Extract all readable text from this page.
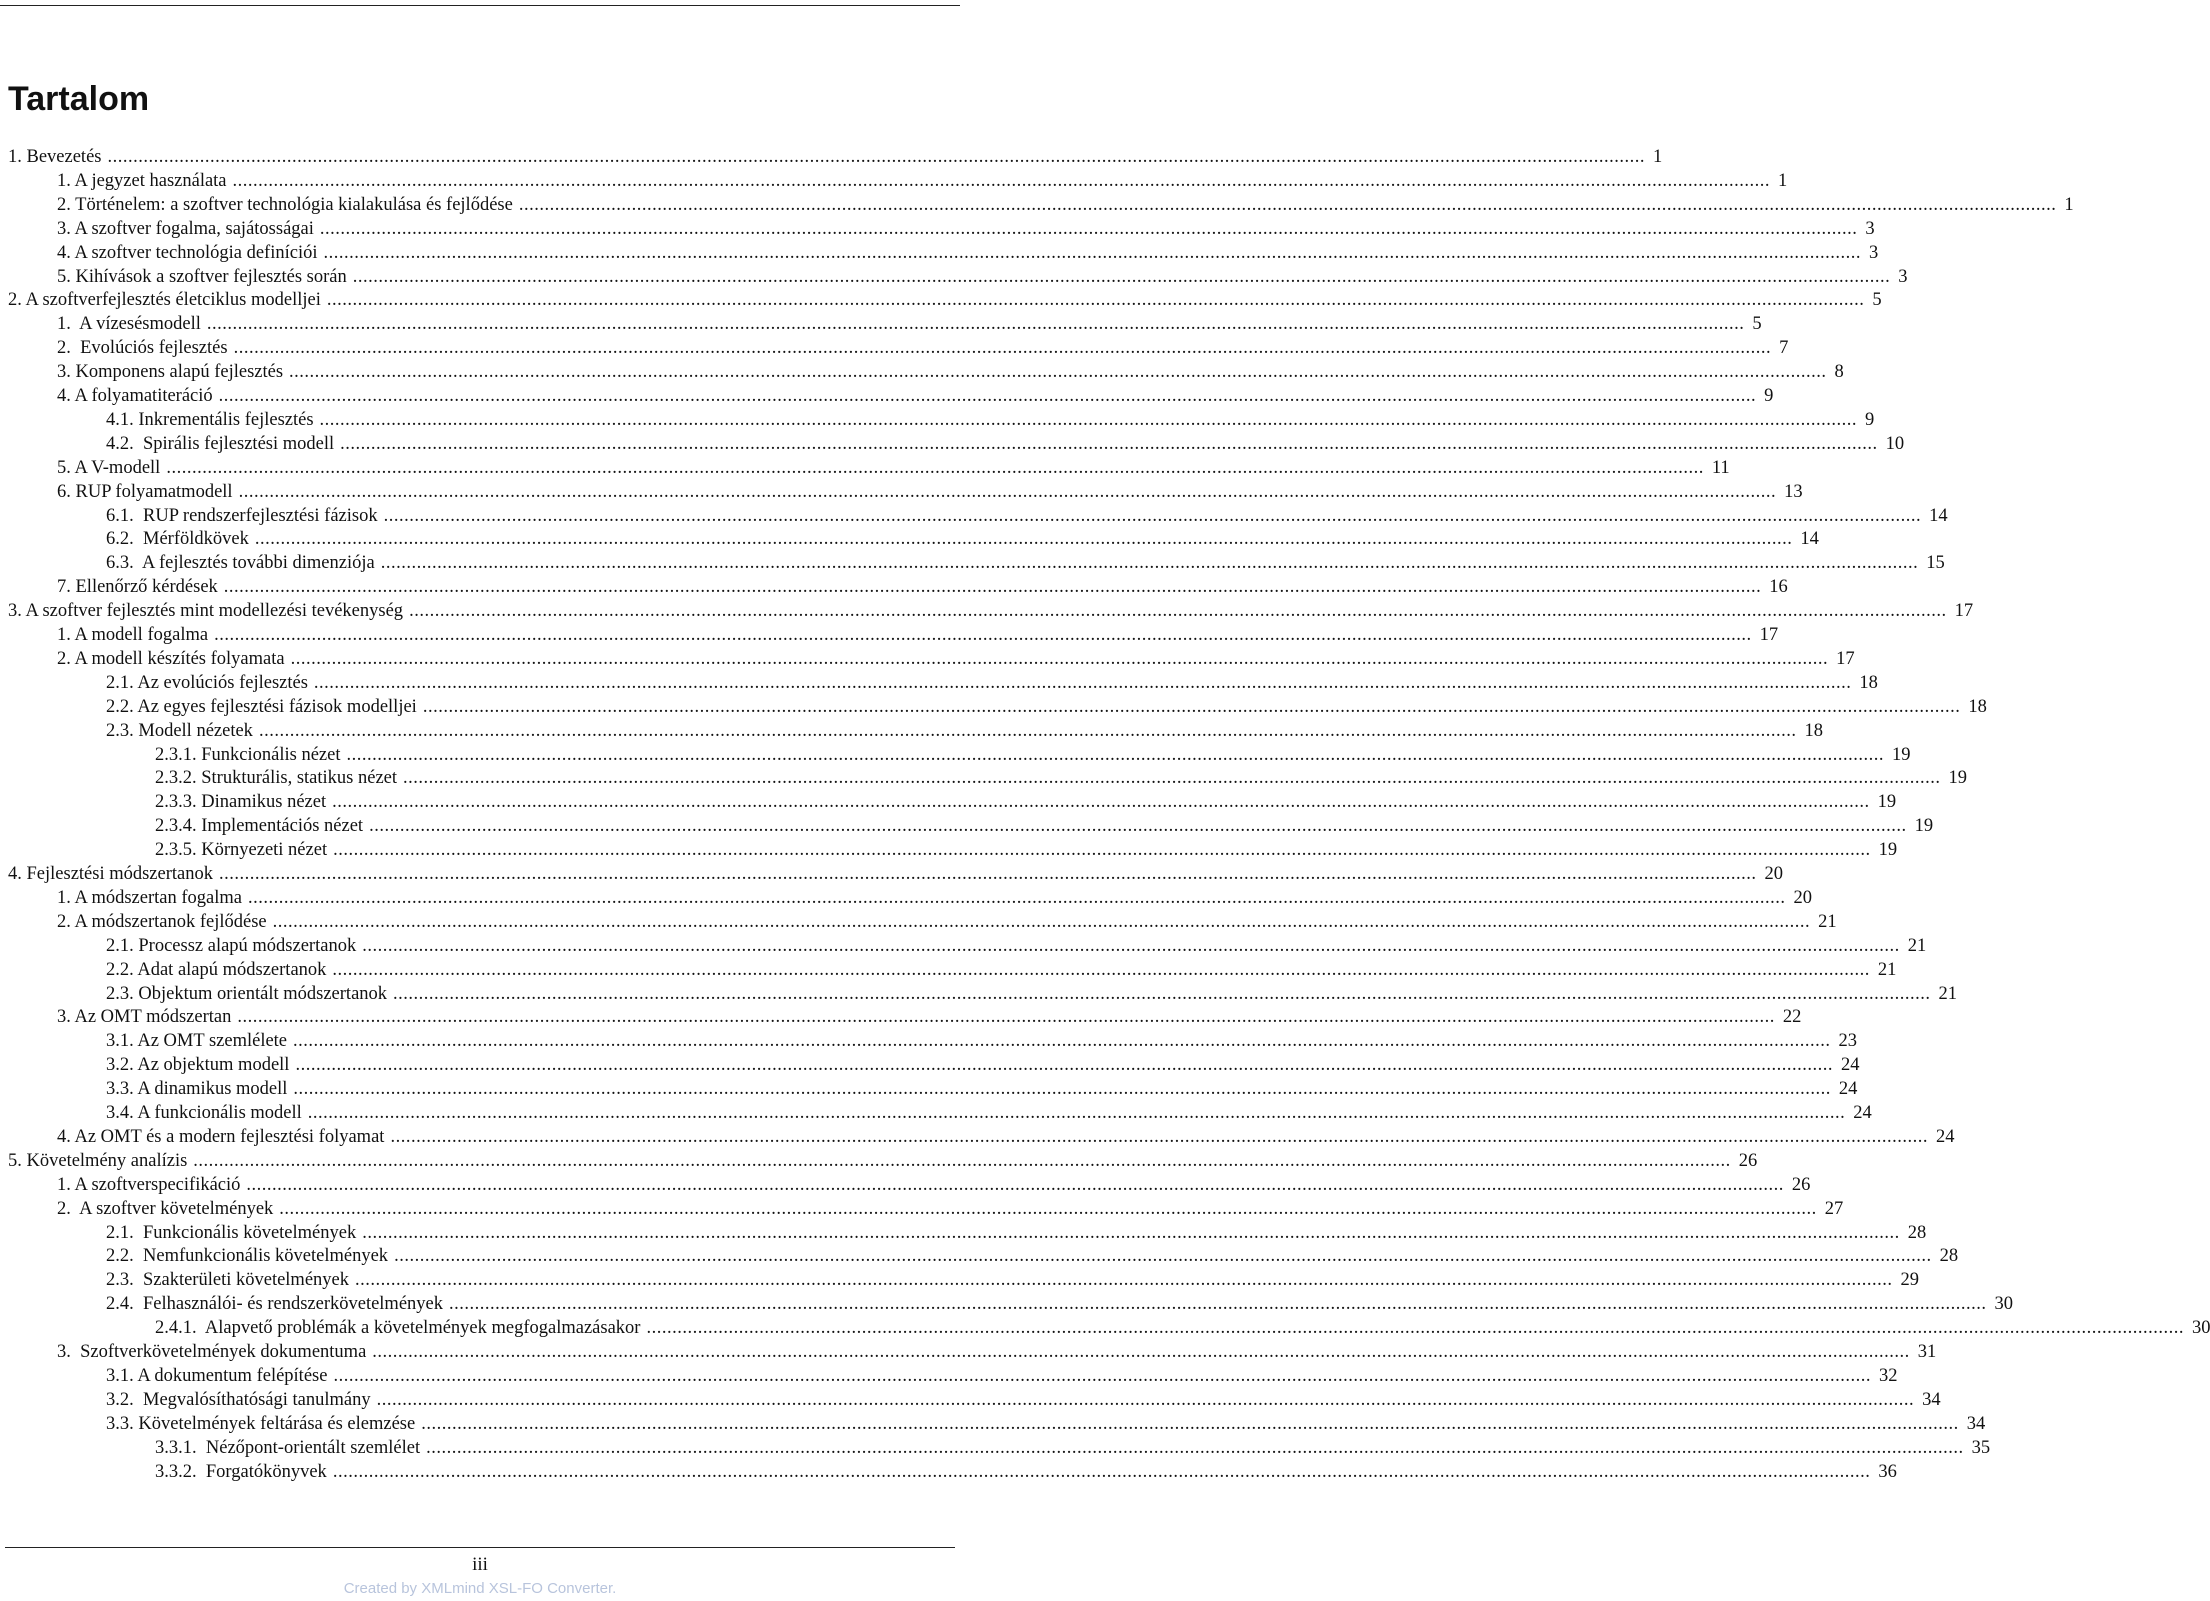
Tartalom
1. Bevezetés ............................................................................................................................................................................................................................................................................................................ 1
1. A jegyzet használata ............................................................................................................................................................................................................................................................................................................ 1
2. Történelem: a szoftver technológia kialakulása és fejlődése ............................................................................................................................................................................................................................................................................................................ 1
3. A szoftver fogalma, sajátosságai ............................................................................................................................................................................................................................................................................................................ 3
4. A szoftver technológia definíciói ............................................................................................................................................................................................................................................................................................................ 3
5. Kihívások a szoftver fejlesztés során ............................................................................................................................................................................................................................................................................................................ 3
2. A szoftverfejlesztés életciklus modelljei ............................................................................................................................................................................................................................................................................................................ 5
1.  A vízesésmodell ............................................................................................................................................................................................................................................................................................................ 5
2.  Evolúciós fejlesztés ............................................................................................................................................................................................................................................................................................................ 7
3. Komponens alapú fejlesztés ............................................................................................................................................................................................................................................................................................................ 8
4. A folyamatiteráció ............................................................................................................................................................................................................................................................................................................ 9
4.1. Inkrementális fejlesztés ............................................................................................................................................................................................................................................................................................................ 9
4.2.  Spirális fejlesztési modell ............................................................................................................................................................................................................................................................................................................ 10
5. A V-modell ............................................................................................................................................................................................................................................................................................................ 11
6. RUP folyamatmodell ............................................................................................................................................................................................................................................................................................................ 13
6.1.  RUP rendszerfejlesztési fázisok ............................................................................................................................................................................................................................................................................................................ 14
6.2.  Mérföldkövek ............................................................................................................................................................................................................................................................................................................ 14
6.3.  A fejlesztés további dimenziója ............................................................................................................................................................................................................................................................................................................ 15
7. Ellenőrző kérdések ............................................................................................................................................................................................................................................................................................................ 16
3. A szoftver fejlesztés mint modellezési tevékenység ............................................................................................................................................................................................................................................................................................................ 17
1. A modell fogalma ............................................................................................................................................................................................................................................................................................................ 17
2. A modell készítés folyamata ............................................................................................................................................................................................................................................................................................................ 17
2.1. Az evolúciós fejlesztés ............................................................................................................................................................................................................................................................................................................ 18
2.2. Az egyes fejlesztési fázisok modelljei ............................................................................................................................................................................................................................................................................................................ 18
2.3. Modell nézetek ............................................................................................................................................................................................................................................................................................................ 18
2.3.1. Funkcionális nézet ............................................................................................................................................................................................................................................................................................................ 19
2.3.2. Strukturális, statikus nézet ............................................................................................................................................................................................................................................................................................................ 19
2.3.3. Dinamikus nézet ............................................................................................................................................................................................................................................................................................................ 19
2.3.4. Implementációs nézet ............................................................................................................................................................................................................................................................................................................ 19
2.3.5. Környezeti nézet ............................................................................................................................................................................................................................................................................................................ 19
4. Fejlesztési módszertanok ............................................................................................................................................................................................................................................................................................................ 20
1. A módszertan fogalma ............................................................................................................................................................................................................................................................................................................ 20
2. A módszertanok fejlődése ............................................................................................................................................................................................................................................................................................................ 21
2.1. Processz alapú módszertanok ............................................................................................................................................................................................................................................................................................................ 21
2.2. Adat alapú módszertanok ............................................................................................................................................................................................................................................................................................................ 21
2.3. Objektum orientált módszertanok ............................................................................................................................................................................................................................................................................................................ 21
3. Az OMT módszertan ............................................................................................................................................................................................................................................................................................................ 22
3.1. Az OMT szemlélete ............................................................................................................................................................................................................................................................................................................ 23
3.2. Az objektum modell ............................................................................................................................................................................................................................................................................................................ 24
3.3. A dinamikus modell ............................................................................................................................................................................................................................................................................................................ 24
3.4. A funkcionális modell ............................................................................................................................................................................................................................................................................................................ 24
4. Az OMT és a modern fejlesztési folyamat ............................................................................................................................................................................................................................................................................................................ 24
5. Követelmény analízis ............................................................................................................................................................................................................................................................................................................ 26
1. A szoftverspecifikáció ............................................................................................................................................................................................................................................................................................................ 26
2.  A szoftver követelmények ............................................................................................................................................................................................................................................................................................................ 27
2.1.  Funkcionális követelmények ............................................................................................................................................................................................................................................................................................................ 28
2.2.  Nemfunkcionális követelmények ............................................................................................................................................................................................................................................................................................................ 28
2.3.  Szakterületi követelmények ............................................................................................................................................................................................................................................................................................................ 29
2.4.  Felhasználói- és rendszerkövetelmények ............................................................................................................................................................................................................................................................................................................ 30
2.4.1.  Alapvető problémák a követelmények megfogalmazásakor ............................................................................................................................................................................................................................................................................................................ 30
3.  Szoftverkövetelmények dokumentuma ............................................................................................................................................................................................................................................................................................................ 31
3.1. A dokumentum felépítése ............................................................................................................................................................................................................................................................................................................ 32
3.2.  Megvalósíthatósági tanulmány ............................................................................................................................................................................................................................................................................................................ 34
3.3. Követelmények feltárása és elemzése ............................................................................................................................................................................................................................................................................................................ 34
3.3.1.  Nézőpont-orientált szemlélet ............................................................................................................................................................................................................................................................................................................ 35
3.3.2.  Forgatókönyvek ............................................................................................................................................................................................................................................................................................................ 36
iii
Created by XMLmind XSL-FO Converter.
